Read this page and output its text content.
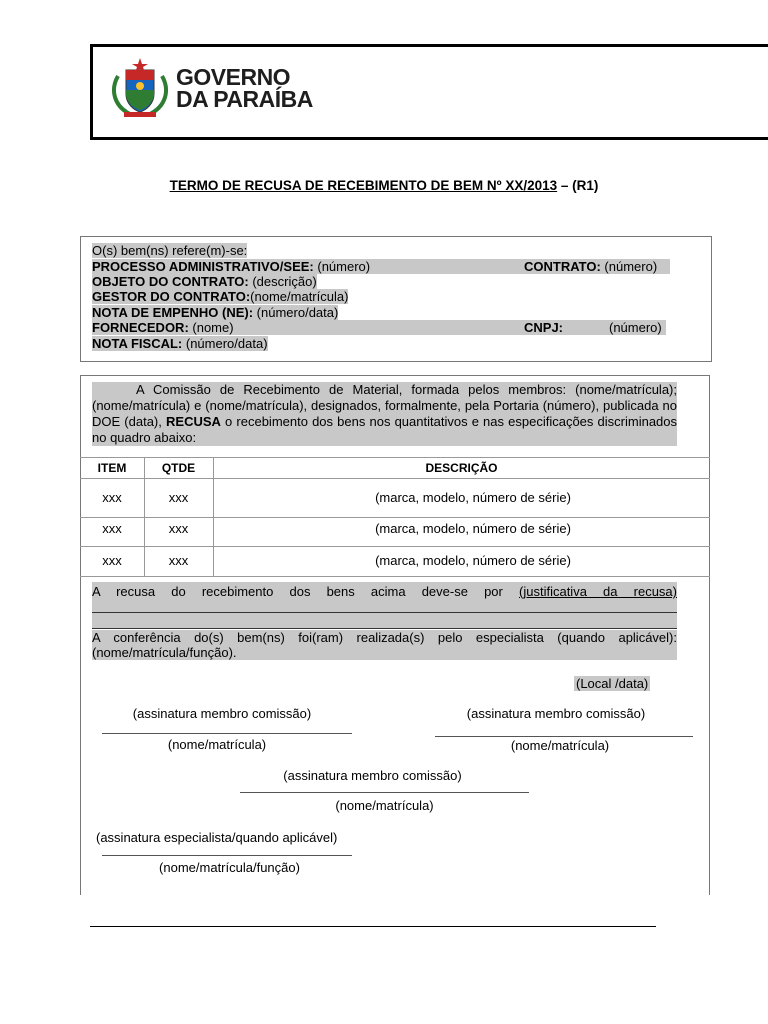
GOVERNO
DA PARAÍBA
TERMO DE RECUSA DE RECEBIMENTO DE BEM Nº XX/2013 – (R1)
O(s) bem(ns) refere(m)-se:
PROCESSO ADMINISTRATIVO/SEE: (número)	CONTRATO: (número)
OBJETO DO CONTRATO: (descrição)
GESTOR DO CONTRATO:(nome/matrícula)
NOTA DE EMPENHO (NE): (número/data)
FORNECEDOR: (nome)	CNPJ:	(número)
NOTA FISCAL: (número/data)
A Comissão de Recebimento de Material, formada pelos membros: (nome/matrícula); (nome/matrícula) e (nome/matrícula), designados, formalmente, pela Portaria (número), publicada no DOE (data), RECUSA o recebimento dos bens nos quantitativos e nas especificações discriminados no quadro abaixo:
ITEM	QTDE	DESCRIÇÃO
xxx	xxx	(marca, modelo, número de série)
xxx	xxx	(marca, modelo, número de série)
xxx	xxx	(marca, modelo, número de série)
A recusa do recebimento dos bens acima deve-se por (justificativa da recusa)
A conferência do(s) bem(ns) foi(ram) realizada(s) pelo especialista (quando aplicável): (nome/matrícula/função).
(Local /data)
(assinatura membro comissão)
(nome/matrícula)
(assinatura membro comissão)
(nome/matrícula)
(assinatura membro comissão)
(nome/matrícula)
(assinatura especialista/quando aplicável)
(nome/matrícula/função)
